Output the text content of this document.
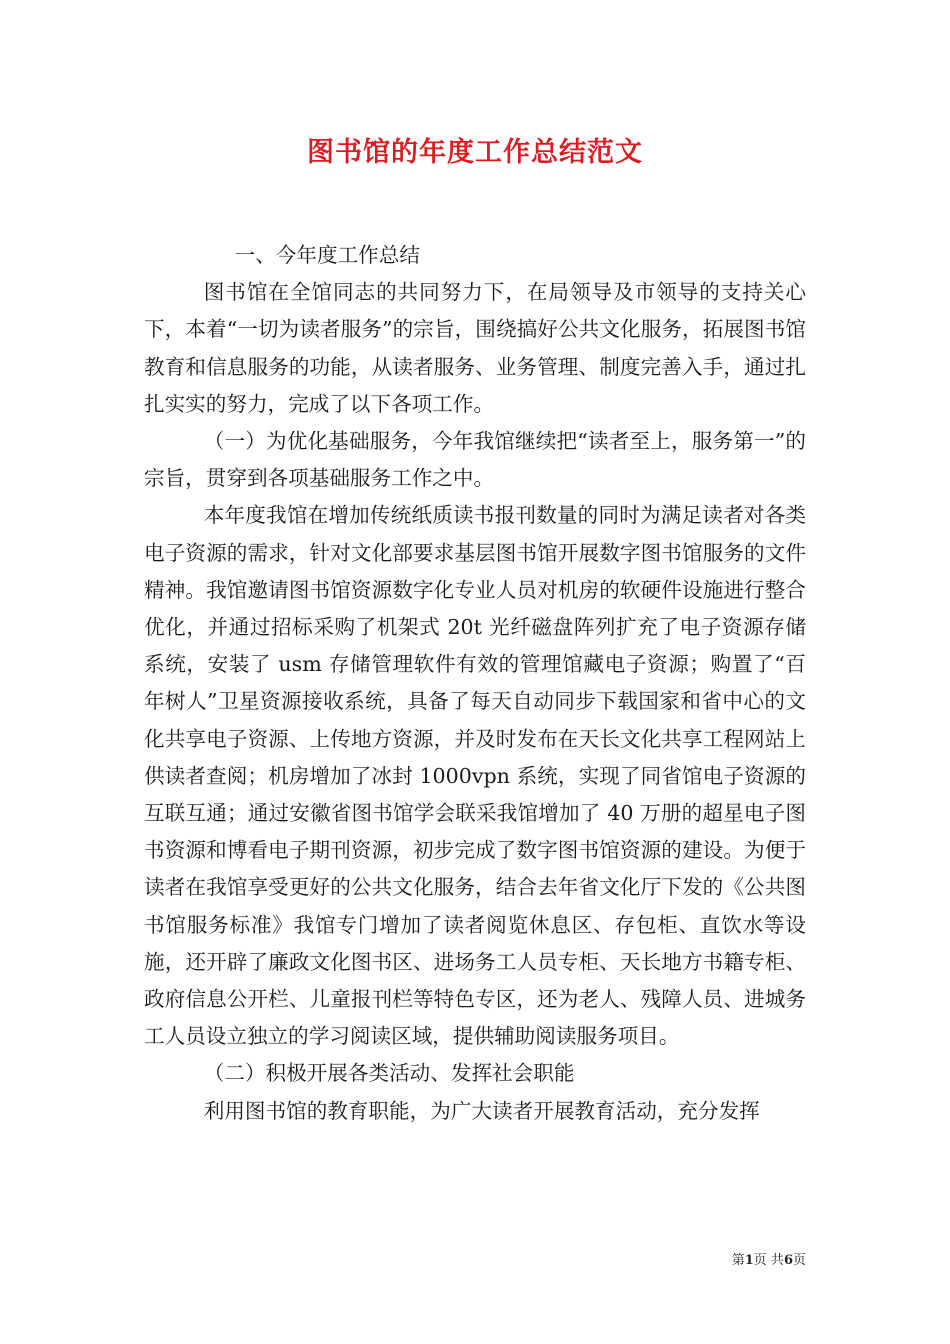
图书馆的年度工作总结范文

一、今年度工作总结

图书馆在全馆同志的共同努力下，在局领导及市领导的支持关心下，本着“一切为读者服务”的宗旨，围绕搞好公共文化服务，拓展图书馆教育和信息服务的功能，从读者服务、业务管理、制度完善入手，通过扎扎实实的努力，完成了以下各项工作。

（一）为优化基础服务，今年我馆继续把“读者至上，服务第一”的宗旨，贯穿到各项基础服务工作之中。

本年度我馆在增加传统纸质读书报刊数量的同时为满足读者对各类电子资源的需求，针对文化部要求基层图书馆开展数字图书馆服务的文件精神。我馆邀请图书馆资源数字化专业人员对机房的软硬件设施进行整合优化，并通过招标采购了机架式 20t 光纤磁盘阵列扩充了电子资源存储系统，安装了 usm 存储管理软件有效的管理馆藏电子资源；购置了“百年树人”卫星资源接收系统，具备了每天自动同步下载国家和省中心的文化共享电子资源、上传地方资源，并及时发布在天长文化共享工程网站上供读者查阅；机房增加了冰封 1000vpn 系统，实现了同省馆电子资源的互联互通；通过安徽省图书馆学会联采我馆增加了 40 万册的超星电子图书资源和博看电子期刊资源，初步完成了数字图书馆资源的建设。为便于读者在我馆享受更好的公共文化服务，结合去年省文化厅下发的《公共图书馆服务标准》我馆专门增加了读者阅览休息区、存包柜、直饮水等设施，还开辟了廉政文化图书区、进场务工人员专柜、天长地方书籍专柜、政府信息公开栏、儿童报刊栏等特色专区，还为老人、残障人员、进城务工人员设立独立的学习阅读区域，提供辅助阅读服务项目。

（二）积极开展各类活动、发挥社会职能

利用图书馆的教育职能，为广大读者开展教育活动，充分发挥

第1页 共6页
